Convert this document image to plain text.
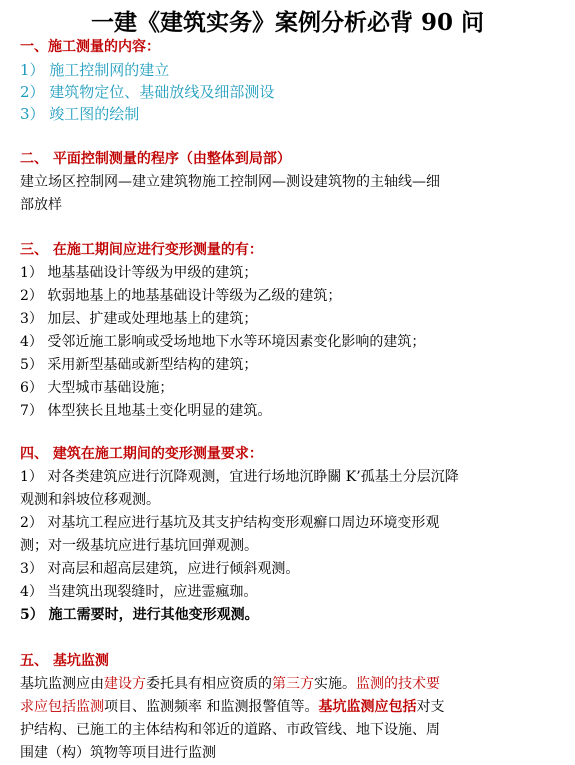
一建《建筑实务》案例分析必背 90 问
一、施工测量的内容：
1） 施工控制网的建立
2） 建筑物定位、基础放线及细部测设
3） 竣工图的绘制
二、 平面控制测量的程序（由整体到局部）
建立场区控制网—建立建筑物施工控制网—测设建筑物的主轴线—细
部放样
三、 在施工期间应进行变形测量的有：
1） 地基基础设计等级为甲级的建筑；
2） 软弱地基上的地基基础设计等级为乙级的建筑；
3） 加层、扩建或处理地基上的建筑；
4） 受邻近施工影响或受场地地下水等环境因素变化影响的建筑；
5） 采用新型基础或新型结构的建筑；
6） 大型城市基础设施；
7） 体型狭长且地基土变化明显的建筑。
四、 建筑在施工期间的变形测量要求：
1） 对各类建筑应进行沉降观测，宜进行场地沉睁關 K’孤基土分层沉降
观测和斜坡位移观测。
2） 对基坑工程应进行基坑及其支护结构变形观癬口周边环境变形观
测；对一级基坑应进行基坑回弹观测。
3） 对高层和超高层建筑，应进行倾斜观测。
4） 当建筑出现裂缝时，应进霊瘋珈。
5） 施工需要时，进行其他变形观测。
五、 基坑监测
基坑监测应由建设方委托具有相应资质的第三方实施。监测的技术要
求应包括监测项目、监测频率 和监测报警值等。基坑监测应包括对支
护结构、已施工的主体结构和邻近的道路、市政管线、地下设施、周
围建（构）筑物等项目进行监测
